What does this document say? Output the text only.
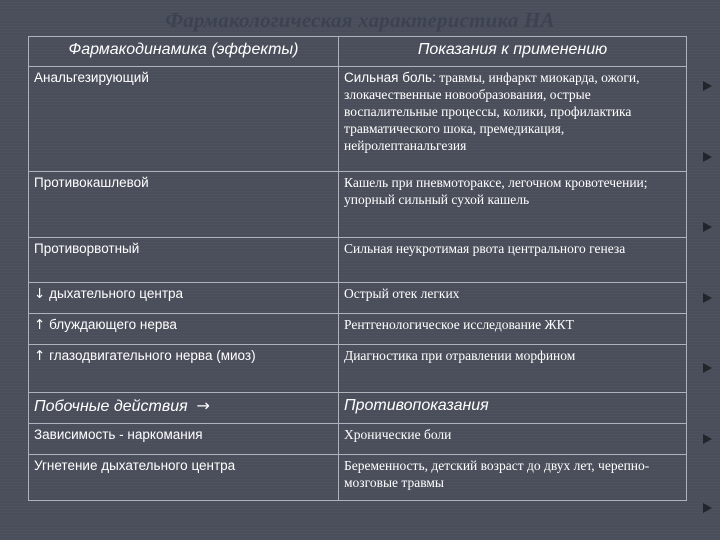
Фармакологическая характеристика НА
Фармакодинамика (эффекты)	Показания к применению
Анальгезирующий	Сильная боль: травмы, инфаркт миокарда, ожоги, злокачественные новообразования, острые воспалительные процессы, колики, профилактика травматического шока, премедикация, нейролептанальгезия
Противокашлевой	Кашель при пневмотораксе, легочном кровотечении; упорный сильный сухой кашель
Противорвотный	Сильная неукротимая рвота центрального генеза
↓ дыхательного центра	Острый отек легких
↑ блуждающего нерва	Рентгенологическое исследование ЖКТ
↑ глазодвигательного нерва (миоз)	Диагностика при отравлении морфином
Побочные действия →	Противопоказания
Зависимость - наркомания	Хронические боли
Угнетение дыхательного центра	Беременность, детский возраст до двух лет, черепно-мозговые травмы
